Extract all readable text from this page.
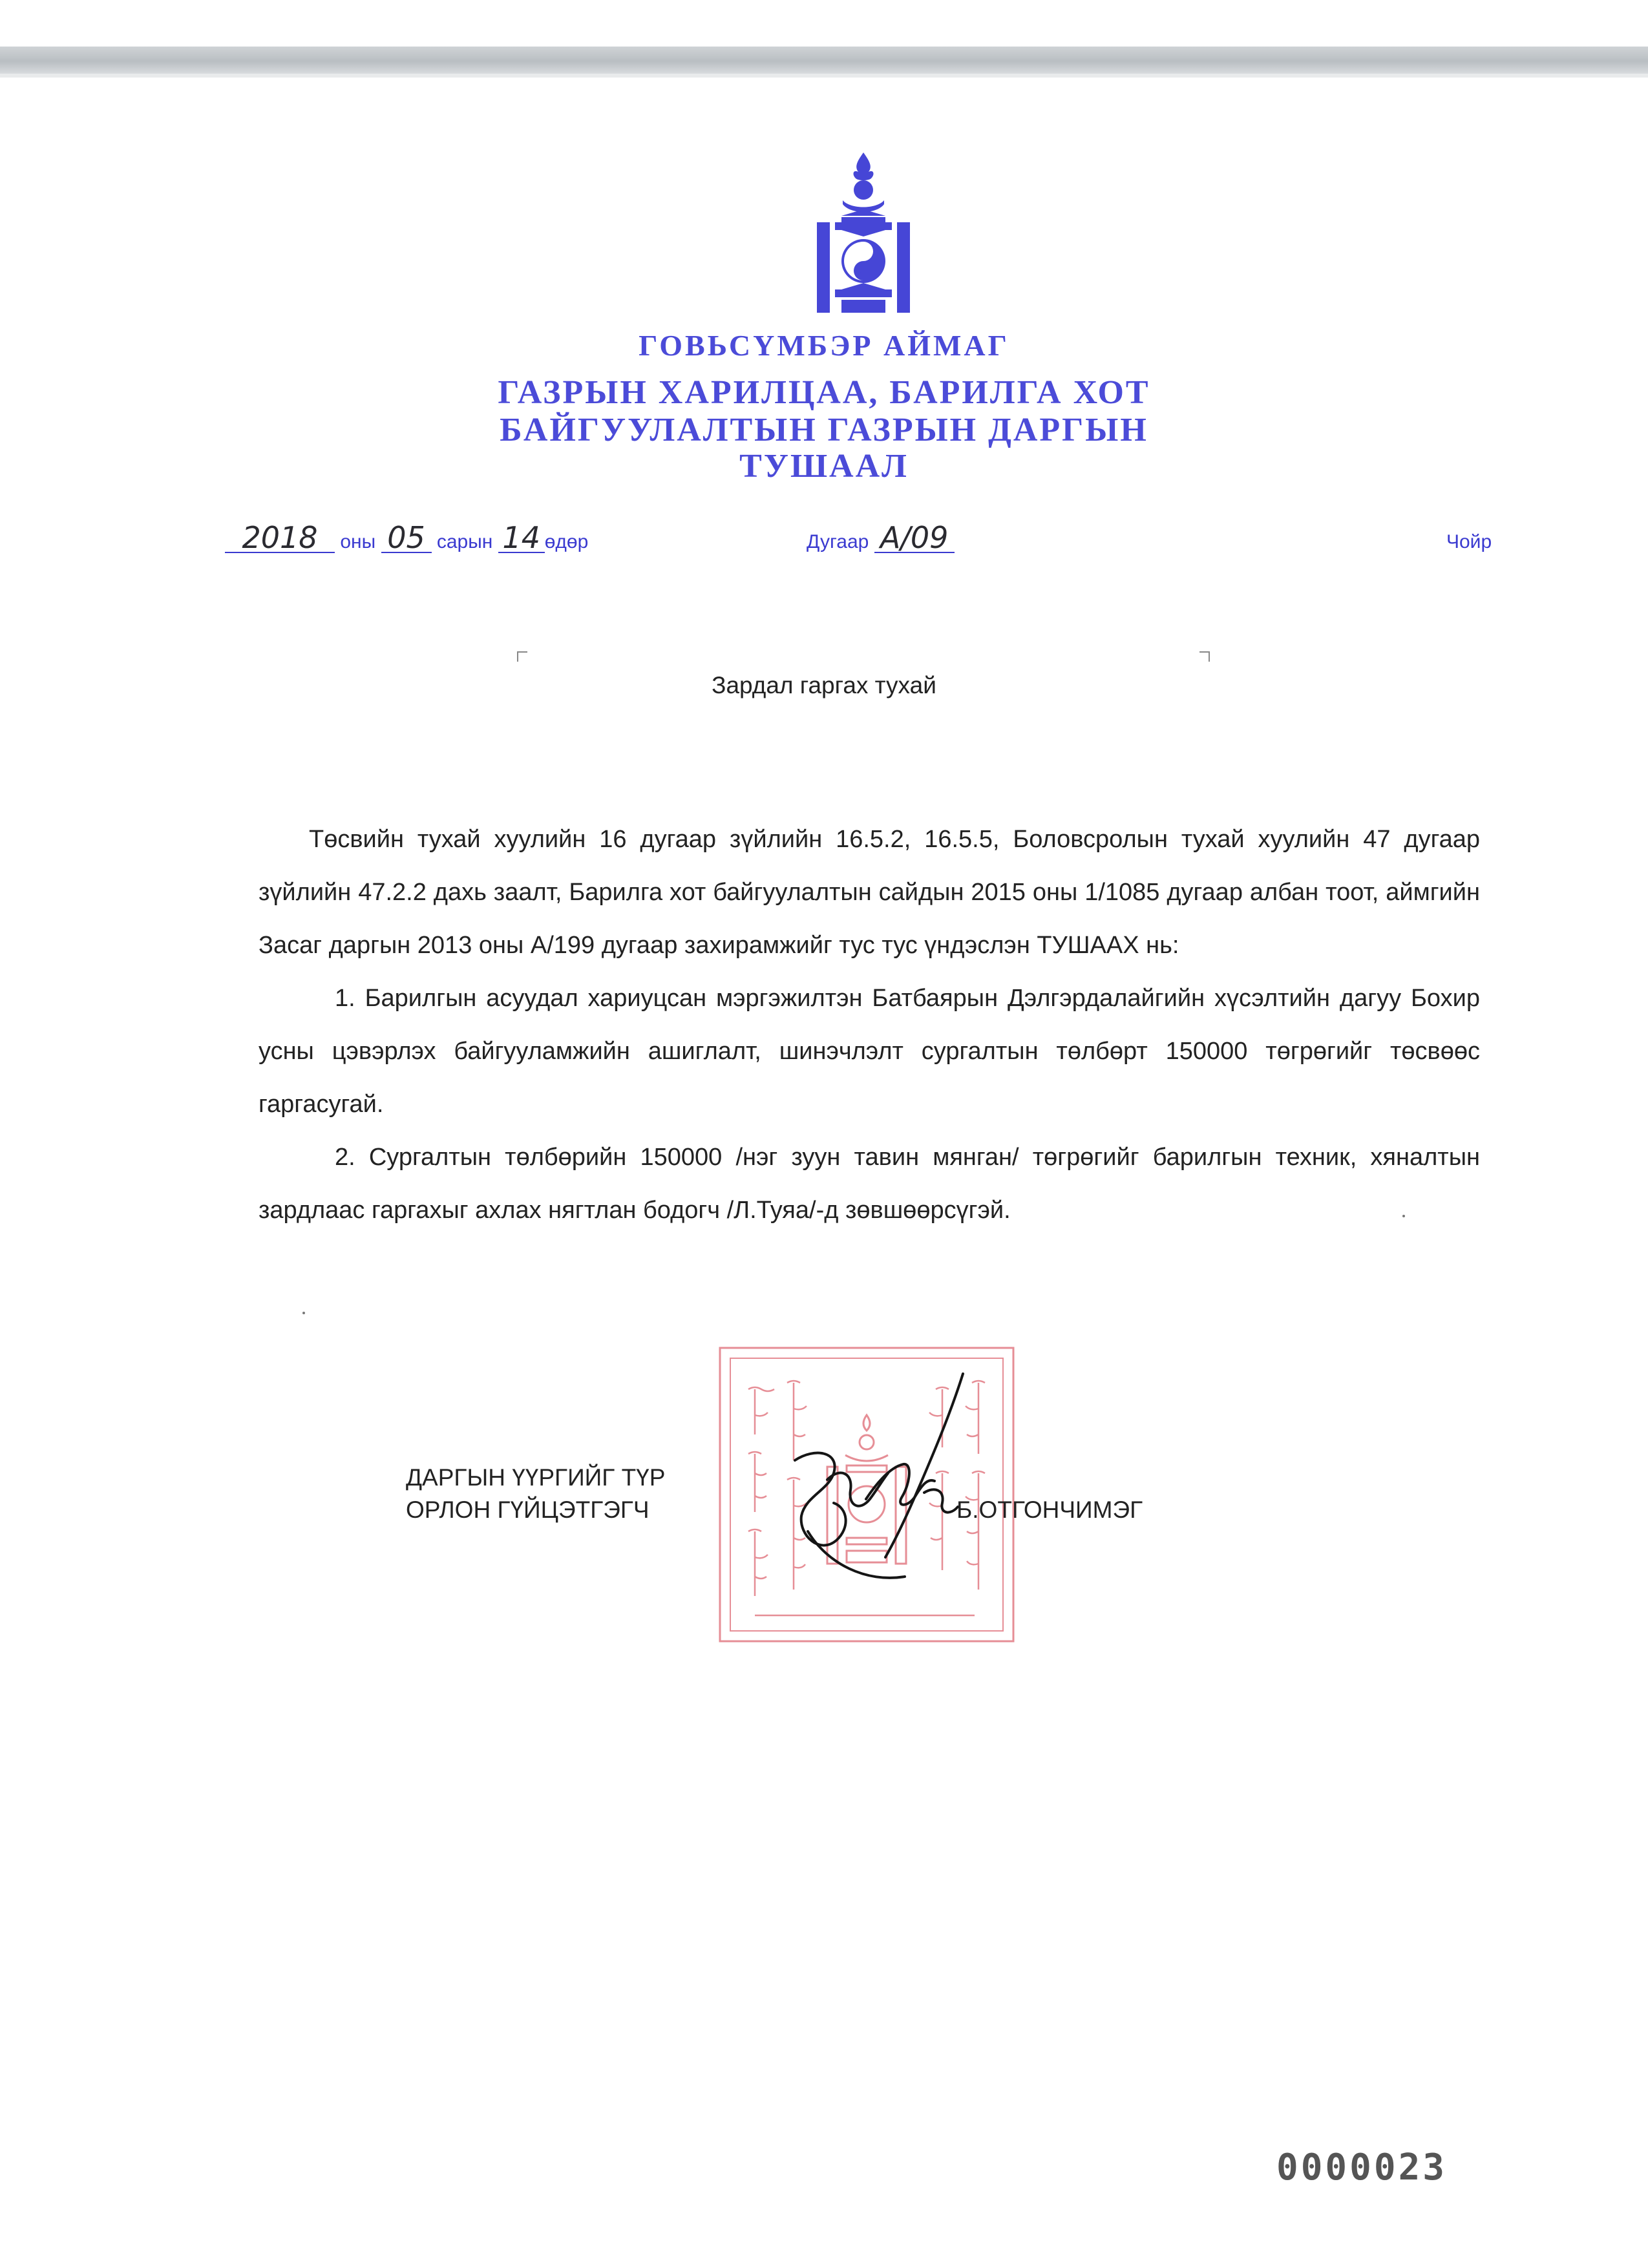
ГОВЬСҮМБЭР АЙМАГ
ГАЗРЫН ХАРИЛЦАА, БАРИЛГА ХОТ
БАЙГУУЛАЛТЫН ГАЗРЫН ДАРГЫН
ТУШААЛ
2018 оны 05 сарын 14 өдөр	Дугаар А/09	Чойр
Зардал гаргах тухай

Төсвийн тухай хуулийн 16 дугаар зүйлийн 16.5.2, 16.5.5, Боловсролын тухай хуулийн 47 дугаар зүйлийн 47.2.2 дахь заалт, Барилга хот байгуулалтын сайдын 2015 оны 1/1085 дугаар албан тоот, аймгийн Засаг даргын 2013 оны А/199 дугаар захирамжийг тус тус үндэслэн ТУШААХ нь:

1. Барилгын асуудал хариуцсан мэргэжилтэн Батбаярын Дэлгэрдалайгийн хүсэлтийн дагуу Бохир усны цэвэрлэх байгууламжийн ашиглалт, шинэчлэлт сургалтын төлбөрт 150000 төгрөгийг төсвөөс гаргасугай.

2. Сургалтын төлбөрийн 150000 /нэг зуун тавин мянган/ төгрөгийг барилгын техник, хяналтын зардлаас гаргахыг ахлах нягтлан бодогч /Л.Туяа/-д зөвшөөрсүгэй.

ДАРГЫН ҮҮРГИЙГ ТҮР
ОРЛОН ГҮЙЦЭТГЭГЧ	Б.ОТГОНЧИМЭГ
0000023
